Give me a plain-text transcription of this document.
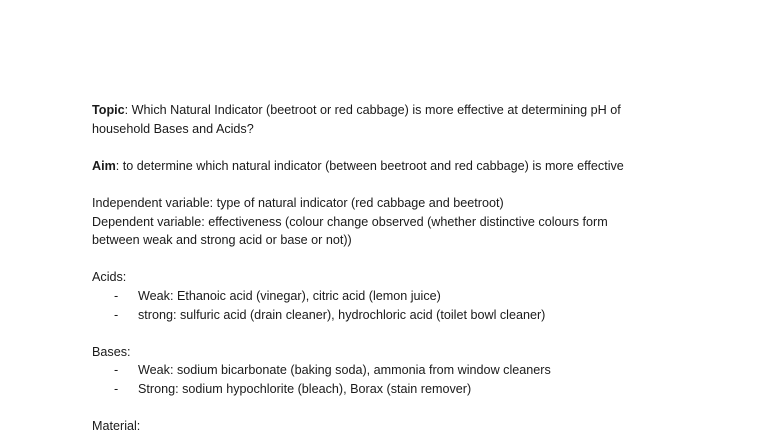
Topic: Which Natural Indicator (beetroot or red cabbage) is more effective at determining pH of
household Bases and Acids?
Aim: to determine which natural indicator (between beetroot and red cabbage) is more effective
Independent variable: type of natural indicator (red cabbage and beetroot)
Dependent variable: effectiveness (colour change observed (whether distinctive colours form
between weak and strong acid or base or not))
Acids:
- Weak: Ethanoic acid (vinegar), citric acid (lemon juice)
- strong: sulfuric acid (drain cleaner), hydrochloric acid (toilet bowl cleaner)
Bases:
- Weak: sodium bicarbonate (baking soda), ammonia from window cleaners
- Strong: sodium hypochlorite (bleach), Borax (stain remover)
Material:
